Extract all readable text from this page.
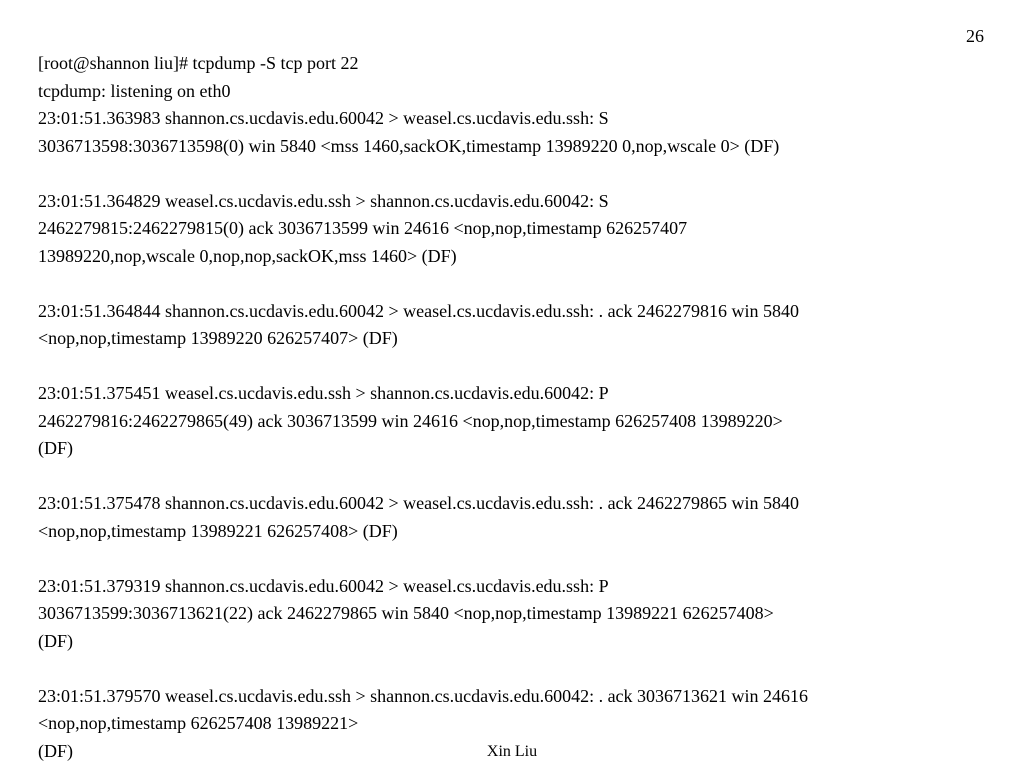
26
[root@shannon liu]# tcpdump -S tcp port 22
tcpdump: listening on eth0
23:01:51.363983 shannon.cs.ucdavis.edu.60042 > weasel.cs.ucdavis.edu.ssh: S
3036713598:3036713598(0) win 5840 <mss 1460,sackOK,timestamp 13989220 0,nop,wscale 0> (DF)
23:01:51.364829 weasel.cs.ucdavis.edu.ssh > shannon.cs.ucdavis.edu.60042: S
2462279815:2462279815(0) ack 3036713599 win 24616 <nop,nop,timestamp 626257407
13989220,nop,wscale 0,nop,nop,sackOK,mss 1460> (DF)
23:01:51.364844 shannon.cs.ucdavis.edu.60042 > weasel.cs.ucdavis.edu.ssh: . ack 2462279816 win 5840
<nop,nop,timestamp 13989220 626257407> (DF)
23:01:51.375451 weasel.cs.ucdavis.edu.ssh > shannon.cs.ucdavis.edu.60042: P
2462279816:2462279865(49) ack 3036713599 win 24616 <nop,nop,timestamp 626257408 13989220>
(DF)
23:01:51.375478 shannon.cs.ucdavis.edu.60042 > weasel.cs.ucdavis.edu.ssh: . ack 2462279865 win 5840
<nop,nop,timestamp 13989221 626257408> (DF)
23:01:51.379319 shannon.cs.ucdavis.edu.60042 > weasel.cs.ucdavis.edu.ssh: P
3036713599:3036713621(22) ack 2462279865 win 5840 <nop,nop,timestamp 13989221 626257408>
(DF)
23:01:51.379570 weasel.cs.ucdavis.edu.ssh > shannon.cs.ucdavis.edu.60042: . ack 3036713621 win 24616
<nop,nop,timestamp 626257408 13989221>
(DF)	Xin Liu
